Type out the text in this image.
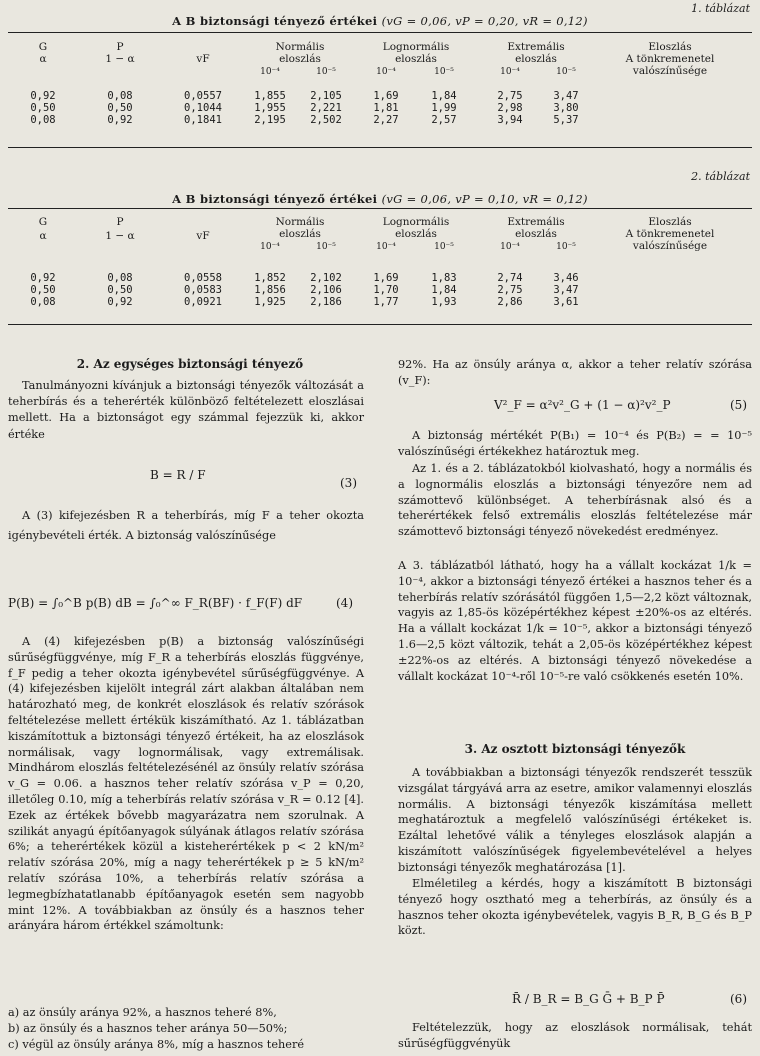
1. táblázat
A B biztonsági tényező értékei (vG = 0,06, vP = 0,20, vR = 0,12)
G
α
P
1 − α	vF
Normális
eloszlás
Lognormális
eloszlás
Extremális
eloszlás
Eloszlás
A tönkremenetel
valószínűsége
10⁻⁴	10⁻⁵	10⁻⁴	10⁻⁵	10⁻⁴	10⁻⁵
0,92	0,08	0,0557	1,855	2,105	1,69	1,84	2,75	3,47
0,50	0,50	0,1044	1,955	2,221	1,81	1,99	2,98	3,80
0,08	0,92	0,1841	2,195	2,502	2,27	2,57	3,94	5,37
2. táblázat
A B biztonsági tényező értékei (vG = 0,06, vP = 0,10, vR = 0,12)
G
α
P
1 − α	vF
Normális
eloszlás
Lognormális
eloszlás
Extremális
eloszlás
Eloszlás
A tönkremenetel
valószínűsége
10⁻⁴	10⁻⁵	10⁻⁴	10⁻⁵	10⁻⁴	10⁻⁵
0,92	0,08	0,0558	1,852	2,102	1,69	1,83	2,74	3,46
0,50	0,50	0,0583	1,856	2,106	1,70	1,84	2,75	3,47
0,08	0,92	0,0921	1,925	2,186	1,77	1,93	2,86	3,61
2. Az egységes biztonsági tényező
Tanulmányozni kívánjuk a biztonsági tényezők változását a teherbírás és a teherérték különböző feltételezett eloszlásai mellett. Ha a biztonságot egy számmal fejezzük ki, akkor értéke
B = R / F
(3)
A (3) kifejezésben R a teherbírás, míg F a teher okozta igénybevételi érték. A biztonság valószínűsége
P(B) = ∫₀^B p(B) dB = ∫₀^∞ F_R(BF) · f_F(F) dF	(4)
A (4) kifejezésben p(B) a biztonság valószínűségi sűrűségfüggvénye, míg F_R a teherbírás eloszlás függvénye, f_F pedig a teher okozta igénybevétel sűrűségfüggvénye. A (4) kifejezésben kijelölt integrál zárt alakban általában nem határozható meg, de konkrét eloszlások és relatív szórások feltételezése mellett értékük kiszámítható. Az 1. táblázatban kiszámítottuk a biztonsági tényező értékeit, ha az eloszlások normálisak, vagy lognormálisak, vagy extremálisak. Mindhárom eloszlás feltételezésénél az önsúly relatív szórása v_G = 0.06. a hasznos teher relatív szórása v_P = 0,20, illetőleg 0.10, míg a teherbírás relatív szórása v_R = 0.12 [4]. Ezek az értékek bővebb magyarázatra nem szorulnak. A szilikát anyagú építőanyagok súlyának átlagos relatív szórása 6%; a teherértékek közül a kisteherértékek p < 2 kN/m² relatív szórása 20%, míg a nagy teherértékek p ≥ 5 kN/m² relatív szórása 10%, a teherbírás relatív szórása a legmegbízhatatlanabb építőanyagok esetén sem nagyobb mint 12%. A továbbiakban az önsúly és a hasznos teher arányára három értékkel számoltunk:
a) az önsúly aránya 92%, a hasznos teheré 8%,
b) az önsúly és a hasznos teher aránya 50—50%;
c) végül az önsúly aránya 8%, míg a hasznos teheré
92%. Ha az önsúly aránya α, akkor a teher relatív szórása (v_F):
V²_F = α²v²_G + (1 − α)²v²_P	(5)
A biztonság mértékét P(B₁) = 10⁻⁴ és P(B₂) = = 10⁻⁵ valószínűségi értékekhez határoztuk meg.
Az 1. és a 2. táblázatokból kiolvasható, hogy a normális és a lognormális eloszlás a biztonsági tényezőre nem ad számottevő különbséget. A teherbírásnak alsó és a teherértékek felső extremális eloszlás feltételezése már számottevő biztonsági tényező növekedést eredményez.
A 3. táblázatból látható, hogy ha a vállalt kockázat 1/k = 10⁻⁴, akkor a biztonsági tényező értékei a hasznos teher és a teherbírás relatív szórásától függően 1,5—2,2 közt változnak, vagyis az 1,85-ös középértékhez képest ±20%-os az eltérés. Ha a vállalt kockázat 1/k = 10⁻⁵, akkor a biztonsági tényező 1.6—2,5 közt változik, tehát a 2,05-ös középértékhez képest ±22%-os az eltérés. A biztonsági tényező növekedése a vállalt kockázat 10⁻⁴-ről 10⁻⁵-re való csökkenés esetén 10%.
3. Az osztott biztonsági tényezők
A továbbiakban a biztonsági tényezők rendszerét tesszük vizsgálat tárgyává arra az esetre, amikor valamennyi eloszlás normális. A biztonsági tényezők kiszámítása mellett meghatároztuk a megfelelő valószínűségi értékeket is. Ezáltal lehetővé válik a tényleges eloszlások alapján a kiszámított valószínűségek figyelembevételével a helyes biztonsági tényezők meghatározása [1].
Elméletileg a kérdés, hogy a kiszámított B biztonsági tényező hogy osztható meg a teherbírás, az önsúly és a hasznos teher okozta igénybevételek, vagyis B_R, B_G és B_P közt.
R̄ / B_R = B_G Ḡ + B_P P̄	(6)
Feltételezzük, hogy az eloszlások normálisak, tehát sűrűségfüggvényük
